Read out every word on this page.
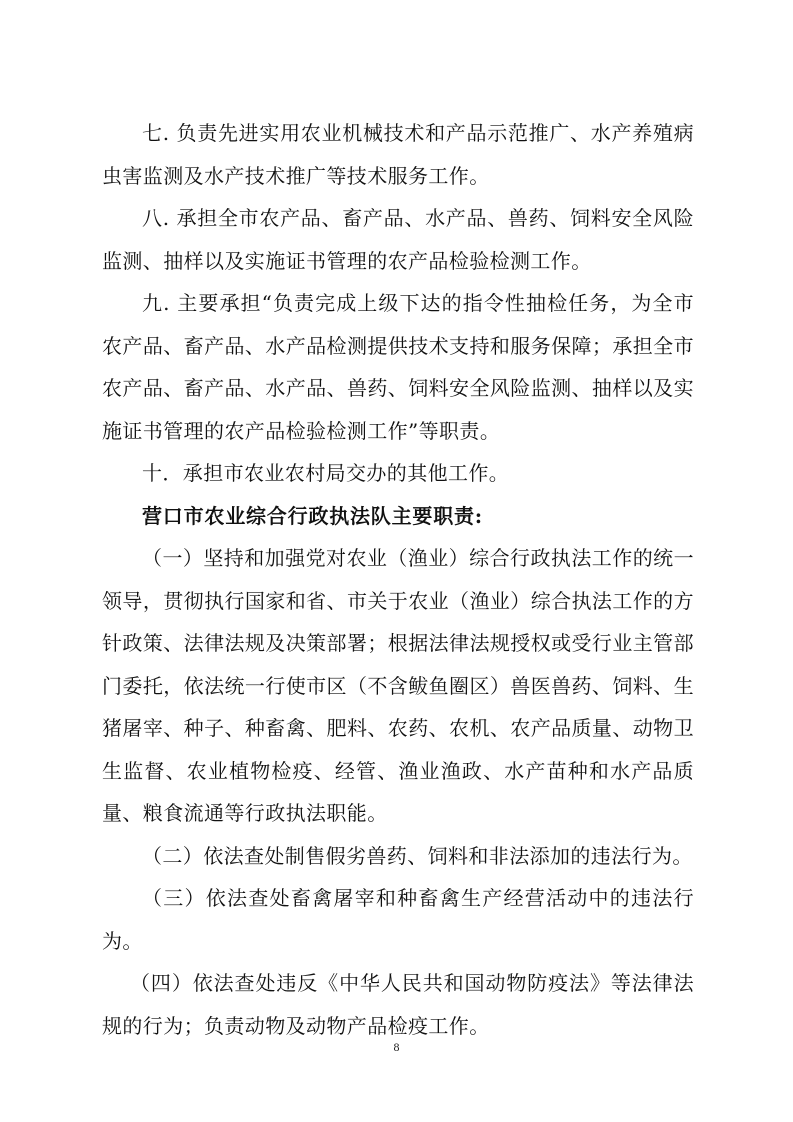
七. 负责先进实用农业机械技术和产品示范推广、水产养殖病虫害监测及水产技术推广等技术服务工作。

八. 承担全市农产品、畜产品、水产品、兽药、饲料安全风险监测、抽样以及实施证书管理的农产品检验检测工作。

九. 主要承担“负责完成上级下达的指令性抽检任务，为全市农产品、畜产品、水产品检测提供技术支持和服务保障；承担全市农产品、畜产品、水产品、兽药、饲料安全风险监测、抽样以及实施证书管理的农产品检验检测工作”等职责。

十．承担市农业农村局交办的其他工作。

营口市农业综合行政执法队主要职责:

（一）坚持和加强党对农业（渔业）综合行政执法工作的统一领导，贯彻执行国家和省、市关于农业（渔业）综合执法工作的方针政策、法律法规及决策部署；根据法律法规授权或受行业主管部门委托，依法统一行使市区（不含鲅鱼圈区）兽医兽药、饲料、生猪屠宰、种子、种畜禽、肥料、农药、农机、农产品质量、动物卫生监督、农业植物检疫、经管、渔业渔政、水产苗种和水产品质量、粮食流通等行政执法职能。

（二）依法查处制售假劣兽药、饲料和非法添加的违法行为。

（三）依法查处畜禽屠宰和种畜禽生产经营活动中的违法行为。

（四）依法查处违反《中华人民共和国动物防疫法》等法律法规的行为；负责动物及动物产品检疫工作。

8
